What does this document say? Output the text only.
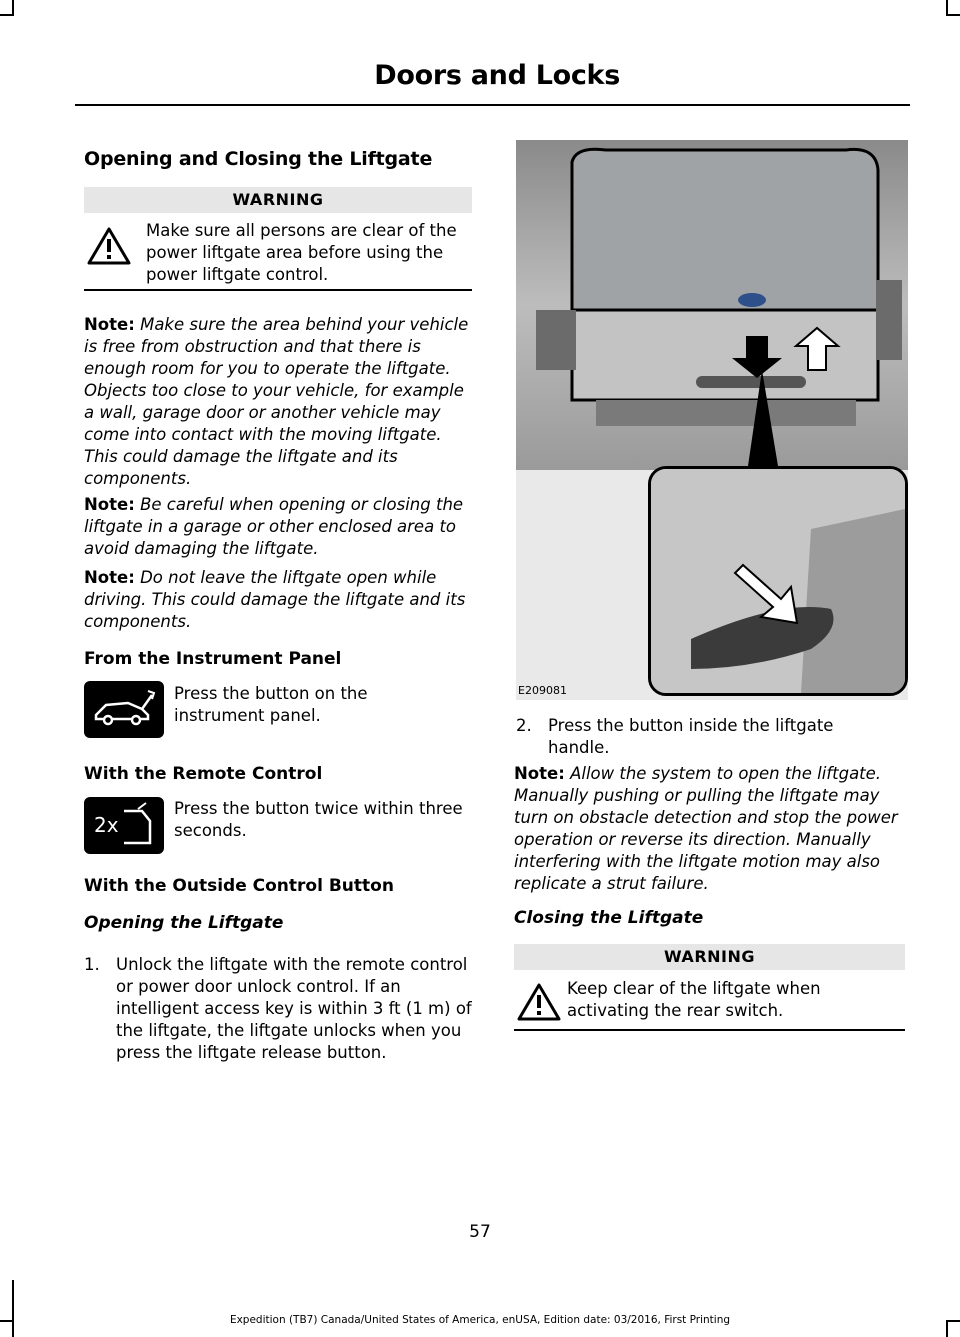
Doors and Locks
Opening and Closing the Liftgate
WARNING
Make sure all persons are clear of the power liftgate area before using the power liftgate control.
Note: Make sure the area behind your vehicle is free from obstruction and that there is enough room for you to operate the liftgate. Objects too close to your vehicle, for example a wall, garage door or another vehicle may come into contact with the moving liftgate. This could damage the liftgate and its components.
Note: Be careful when opening or closing the liftgate in a garage or other enclosed area to avoid damaging the liftgate.
Note: Do not leave the liftgate open while driving. This could damage the liftgate and its components.
From the Instrument Panel
Press the button on the instrument panel.
With the Remote Control
2x
Press the button twice within three seconds.
With the Outside Control Button
Opening the Liftgate
1. Unlock the liftgate with the remote control or power door unlock control. If an intelligent access key is within 3 ft (1 m) of the liftgate, the liftgate unlocks when you press the liftgate release button.
E209081
2. Press the button inside the liftgate handle.
Note: Allow the system to open the liftgate. Manually pushing or pulling the liftgate may turn on obstacle detection and stop the power operation or reverse its direction. Manually interfering with the liftgate motion may also replicate a strut failure.
Closing the Liftgate
WARNING
Keep clear of the liftgate when activating the rear switch.
57
Expedition (TB7) Canada/United States of America, enUSA, Edition date: 03/2016, First Printing
